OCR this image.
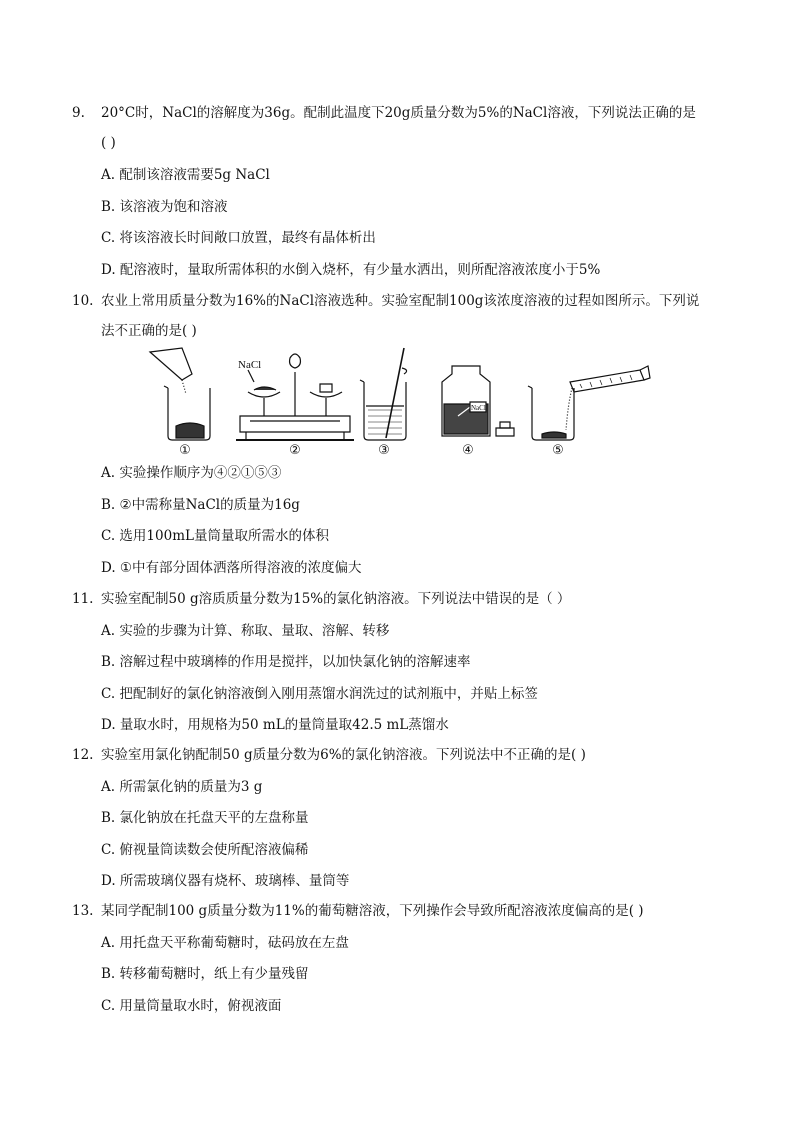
9. 20°C时，NaCl的溶解度为36g。配制此温度下20g质量分数为5%的NaCl溶液，下列说法正确的是
( )
A. 配制该溶液需要5g NaCl
B. 该溶液为饱和溶液
C. 将该溶液长时间敞口放置，最终有晶体析出
D. 配溶液时，量取所需体积的水倒入烧杯，有少量水洒出，则所配溶液浓度小于5%
10. 农业上常用质量分数为16%的NaCl溶液选种。实验室配制100g该浓度溶液的过程如图所示。下列说
法不正确的是( )
NaCl
NaCl
①	②	③	④	⑤
A. 实验操作顺序为④②①⑤③
B. ②中需称量NaCl的质量为16g
C. 选用100mL量筒量取所需水的体积
D. ①中有部分固体洒落所得溶液的浓度偏大
11. 实验室配制50 g溶质质量分数为15%的氯化钠溶液。下列说法中错误的是（ ）
A. 实验的步骤为计算、称取、量取、溶解、转移
B. 溶解过程中玻璃棒的作用是搅拌，以加快氯化钠的溶解速率
C. 把配制好的氯化钠溶液倒入刚用蒸馏水润洗过的试剂瓶中，并贴上标签
D. 量取水时，用规格为50 mL的量筒量取42.5 mL蒸馏水
12. 实验室用氯化钠配制50 g质量分数为6%的氯化钠溶液。下列说法中不正确的是( )
A. 所需氯化钠的质量为3 g
B. 氯化钠放在托盘天平的左盘称量
C. 俯视量筒读数会使所配溶液偏稀
D. 所需玻璃仪器有烧杯、玻璃棒、量筒等
13. 某同学配制100 g质量分数为11%的葡萄糖溶液，下列操作会导致所配溶液浓度偏高的是( )
A. 用托盘天平称葡萄糖时，砝码放在左盘
B. 转移葡萄糖时，纸上有少量残留
C. 用量筒量取水时，俯视液面
